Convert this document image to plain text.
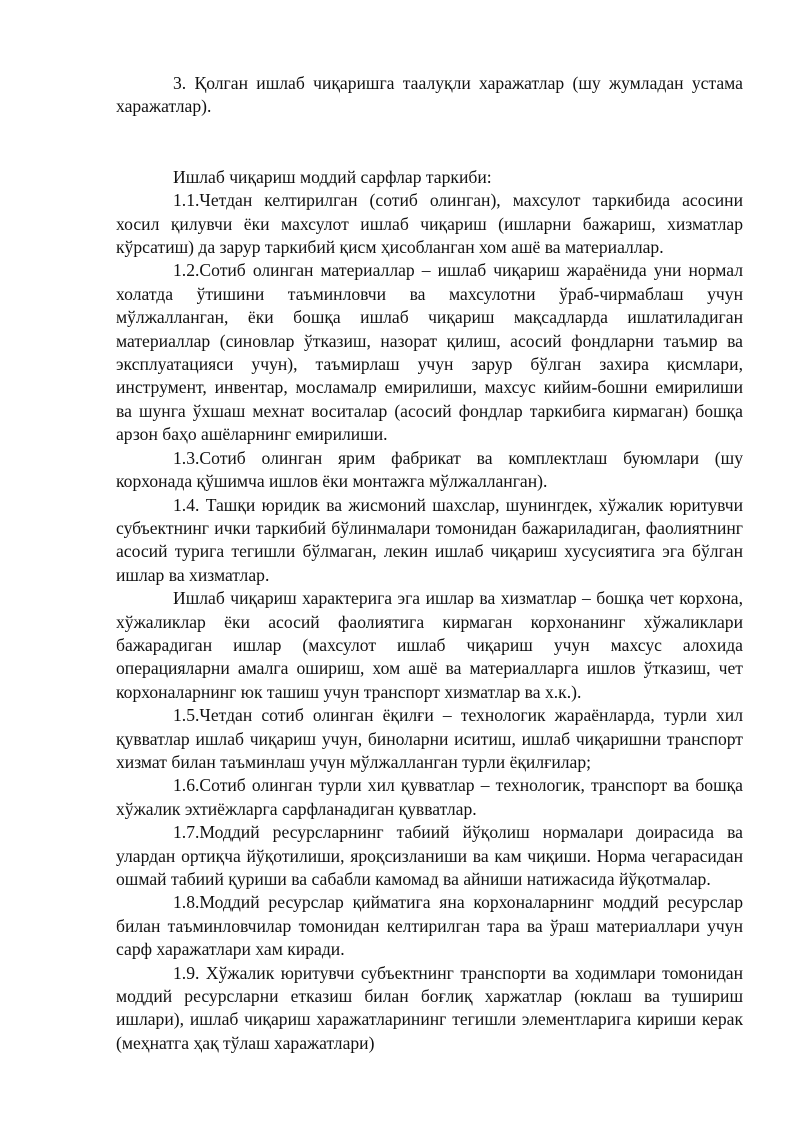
3. Қолган ишлаб чиқаришга таалуқли харажатлар (шу жумладан устама харажатлар).

Ишлаб чиқариш моддий сарфлар таркиби:

1.1.Четдан келтирилган (сотиб олинган), махсулот таркибида асосини хосил қилувчи ёки махсулот ишлаб чиқариш (ишларни бажариш, хизматлар кўрсатиш) да зарур таркибий қисм ҳисобланган хом ашё ва материаллар.

1.2.Сотиб олинган материаллар – ишлаб чиқариш жараёнида уни нормал холатда ўтишини таъминловчи ва махсулотни ўраб-чирмаблаш учун мўлжалланган, ёки бошқа ишлаб чиқариш мақсадларда ишлатиладиган материаллар (синовлар ўтказиш, назорат қилиш, асосий фондларни таъмир ва эксплуатацияси учун), таъмирлаш учун зарур бўлган захира қисмлари, инструмент, инвентар, мосламалр емирилиши, махсус кийим-бошни емирилиши ва шунга ўхшаш мехнат воситалар (асосий фондлар таркибига кирмаган) бошқа арзон баҳо ашёларнинг емирилиши.

1.3.Сотиб олинган ярим фабрикат ва комплектлаш буюмлари (шу корхонада қўшимча ишлов ёки монтажга мўлжалланган).

1.4. Ташқи юридик ва жисмоний шахслар, шунингдек, хўжалик юритувчи субъектнинг ички таркибий бўлинмалари томонидан бажариладиган, фаолиятнинг асосий турига тегишли бўлмаган, лекин ишлаб чиқариш хусусиятига эга бўлган ишлар ва хизматлар.

Ишлаб чиқариш характерига эга ишлар ва хизматлар – бошқа чет корхона, хўжаликлар ёки асосий фаолиятига кирмаган корхонанинг хўжаликлари бажарадиган ишлар (махсулот ишлаб чиқариш учун махсус алохида операцияларни амалга ошириш, хом ашё ва материалларга ишлов ўтказиш, чет корхоналарнинг юк ташиш учун транспорт хизматлар ва х.к.).

1.5.Четдан сотиб олинган ёқилғи – технологик жараёнларда, турли хил қувватлар ишлаб чиқариш учун, биноларни иситиш, ишлаб чиқаришни транспорт хизмат билан таъминлаш учун мўлжалланган турли ёқилғилар;

1.6.Сотиб олинган турли хил қувватлар – технологик, транспорт ва бошқа хўжалик эхтиёжларга сарфланадиган қувватлар.

1.7.Моддий ресурсларнинг табиий йўқолиш нормалари доирасида ва улардан ортиқча йўқотилиши, яроқсизланиши ва кам чиқиши. Норма чегарасидан ошмай табиий қуриши ва сабабли камомад ва айниши натижасида йўқотмалар.

1.8.Моддий ресурслар қийматига яна корхоналарнинг моддий ресурслар билан таъминловчилар томонидан келтирилган тара ва ўраш материаллари учун сарф харажатлари хам киради.

1.9. Хўжалик юритувчи субъектнинг транспорти ва ходимлари томонидан моддий ресурсларни етказиш билан боғлиқ харжатлар (юклаш ва тушириш ишлари), ишлаб чиқариш харажатларининг тегишли элементларига кириши керак (меҳнатга ҳақ тўлаш харажатлари)
